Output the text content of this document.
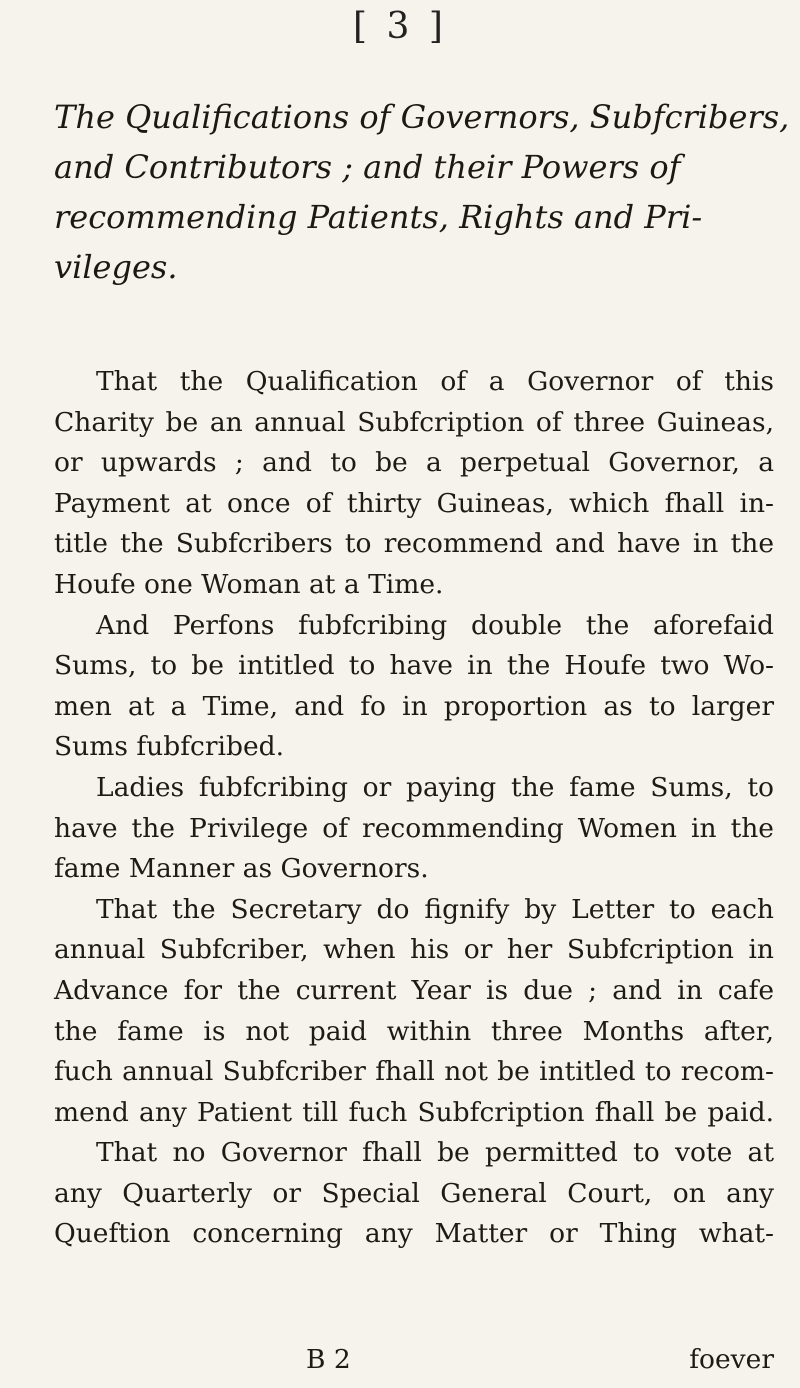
[ 3 ]
The Qualifications of Governors, Subfcribers,
and Contributors ; and their Powers of
recommending Patients, Rights and Pri-
vileges.
That the Qualification of a Governor of this
Charity be an annual Subfcription of three Guineas,
or upwards ; and to be a perpetual Governor, a
Payment at once of thirty Guineas, which fhall in-
title the Subfcribers to recommend and have in the
Houfe one Woman at a Time.
And Perfons fubfcribing double the aforefaid
Sums, to be intitled to have in the Houfe two Wo-
men at a Time, and fo in proportion as to larger
Sums fubfcribed.
Ladies fubfcribing or paying the fame Sums, to
have the Privilege of recommending Women in the
fame Manner as Governors.
That the Secretary do fignify by Letter to each
annual Subfcriber, when his or her Subfcription in
Advance for the current Year is due ; and in cafe
the fame is not paid within three Months after,
fuch annual Subfcriber fhall not be intitled to recom-
mend any Patient till fuch Subfcription fhall be paid.
That no Governor fhall be permitted to vote at
any Quarterly or Special General Court, on any
Queftion concerning any Matter or Thing what-
B 2	foever
